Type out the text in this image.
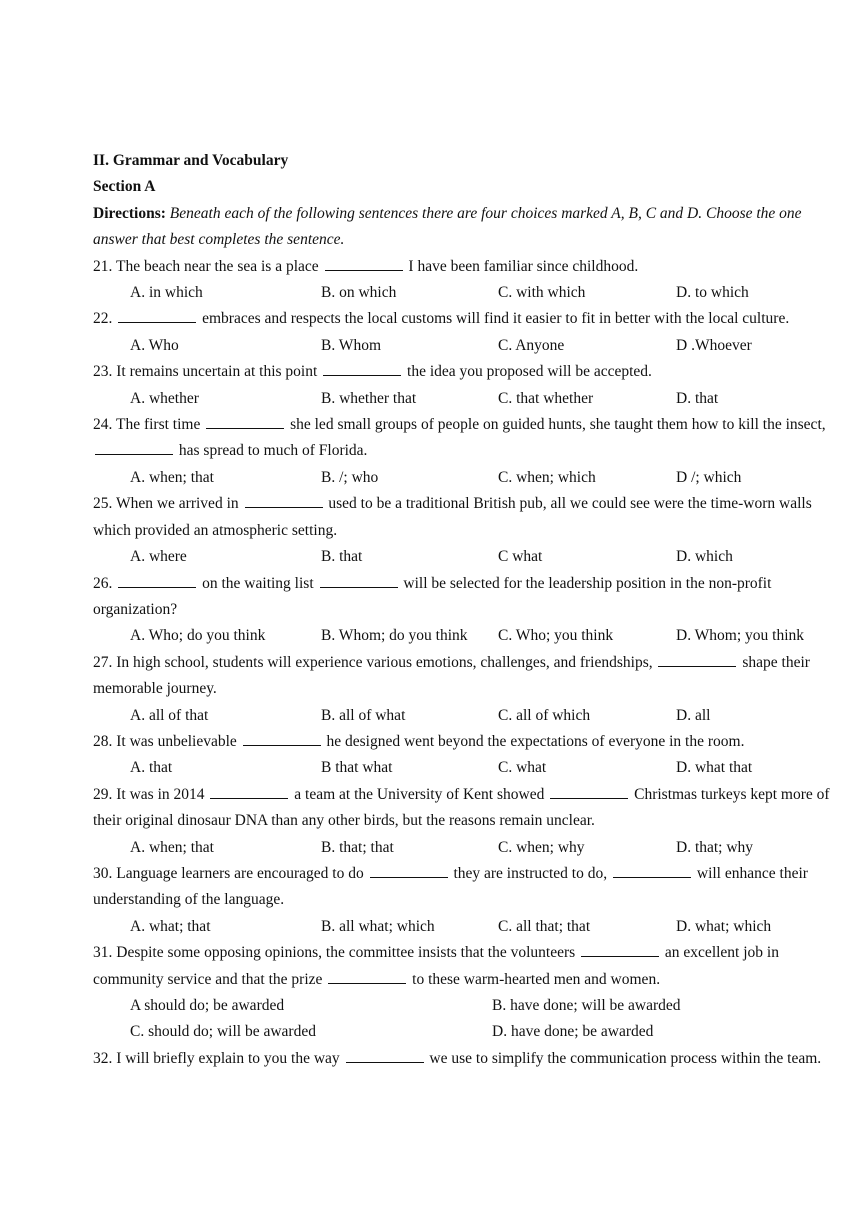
II. Grammar and Vocabulary
Section A
Directions: Beneath each of the following sentences there are four choices marked A, B, C and D. Choose the one answer that best completes the sentence.
21. The beach near the sea is a place	I have been familiar since childhood.
A. in which	B. on which	C. with which	D. to which
22.	embraces and respects the local customs will find it easier to fit in better with the local culture.
A. Who	B. Whom	C. Anyone	D .Whoever
23. It remains uncertain at this point	the idea you proposed will be accepted.
A. whether	B. whether that	C. that whether	D. that
24. The first time	she led small groups of people on guided hunts, she taught them how to kill the insect,  has spread to much of Florida.
A. when; that	B. /; who	C. when; which	D /; which
25. When we arrived in	used to be a traditional British pub, all we could see were the time-worn walls which provided an atmospheric setting.
A. where	B. that	C what	D. which
26.	on the waiting list	will be selected for the leadership position in the non-profit organization?
A. Who; do you think	B. Whom; do you think	C. Who; you think	D. Whom; you think
27. In high school, students will experience various emotions, challenges, and friendships,	shape their memorable journey.
A. all of that	B. all of what	C. all of which	D. all
28. It was unbelievable	he designed went beyond the expectations of everyone in the room.
A. that	B that what	C. what	D. what that
29. It was in 2014	a team at the University of Kent showed	Christmas turkeys kept more of their original dinosaur DNA than any other birds, but the reasons remain unclear.
A. when; that	B. that; that	C. when; why	D. that; why
30. Language learners are encouraged to do	they are instructed to do,	will enhance their understanding of the language.
A. what; that	B. all what; which	C. all that; that	D. what; which
31. Despite some opposing opinions, the committee insists that the volunteers	an excellent job in community service and that the prize	to these warm-hearted men and women.
A should do; be awarded	B. have done; will be awarded
C. should do; will be awarded	D. have done; be awarded
32. I will briefly explain to you the way	we use to simplify the communication process within the team.
